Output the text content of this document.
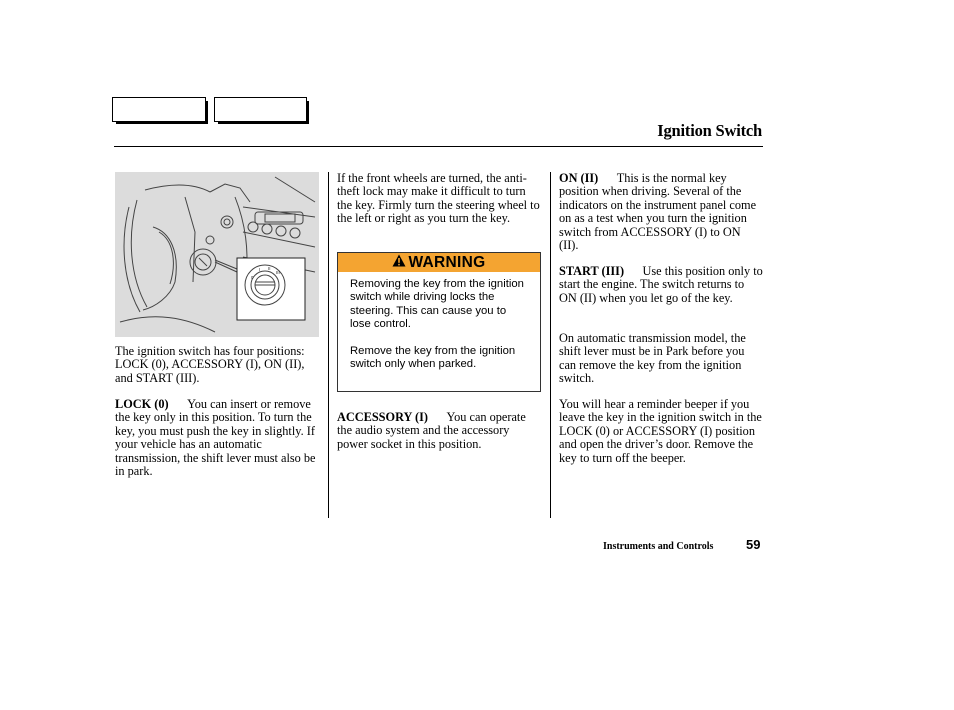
Ignition Switch
0
I II
III

The ignition switch has four positions: LOCK (0), ACCESSORY (I), ON (II), and START (III).

LOCK (0) You can insert or remove the key only in this position. To turn the key, you must push the key in slightly. If your vehicle has an automatic transmission, the shift lever must also be in park.

If the front wheels are turned, the anti-theft lock may make it difficult to turn the key. Firmly turn the steering wheel to the left or right as you turn the key.

WARNING

Removing the key from the ignition switch while driving locks the steering. This can cause you to lose control.

Remove the key from the ignition switch only when parked.

ACCESSORY (I) You can operate the audio system and the accessory power socket in this position.

ON (II) This is the normal key position when driving. Several of the indicators on the instrument panel come on as a test when you turn the ignition switch from ACCESSORY (I) to ON (II).

START (III) Use this position only to start the engine. The switch returns to ON (II) when you let go of the key.

On automatic transmission model, the shift lever must be in Park before you can remove the key from the ignition switch.

You will hear a reminder beeper if you leave the key in the ignition switch in the LOCK (0) or ACCESSORY (I) position and open the driver’s door. Remove the key to turn off the beeper.

Instruments and Controls	59
